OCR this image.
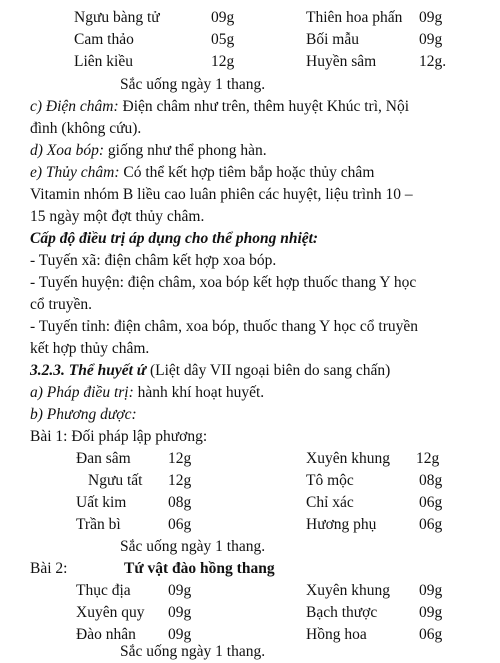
Ngưu bàng tử	09g	Thiên hoa phấn 09g
Cam thảo	05g	Bối mẫu	09g
Liên kiều	12g	Huyền sâm	12g.
Sắc uống ngày 1 thang.
c) Điện châm: Điện châm như trên, thêm huyệt Khúc trì, Nội
đình (không cứu).
d) Xoa bóp: giống như thể phong hàn.
e) Thủy châm: Có thể kết hợp tiêm bắp hoặc thủy châm
Vitamin nhóm B liều cao luân phiên các huyệt, liệu trình 10 –
15 ngày một đợt thủy châm.
Cấp độ điều trị áp dụng cho thể phong nhiệt:
- Tuyến xã: điện châm kết hợp xoa bóp.
- Tuyến huyện: điện châm, xoa bóp kết hợp thuốc thang Y học
cổ truyền.
- Tuyến tỉnh: điện châm, xoa bóp, thuốc thang Y học cổ truyền
kết hợp thủy châm.
3.2.3. Thể huyết ứ (Liệt dây VII ngoại biên do sang chấn)
a) Pháp điều trị: hành khí hoạt huyết.
b) Phương dược:
Bài 1: Đối pháp lập phương:
Đan sâm 12g	Xuyên khung 12g
Ngưu tất 12g	Tô mộc	08g
Uất kim	08g	Chỉ xác	06g
Trần bì	06g	Hương phụ	06g
Sắc uống ngày 1 thang.
Bài 2:	Tứ vật đào hồng thang
Thục địa 09g	Xuyên khung 09g
Xuyên quy 09g	Bạch thược	09g
Đào nhân 09g	Hồng hoa	06g
Sắc uống ngày 1 thang.
